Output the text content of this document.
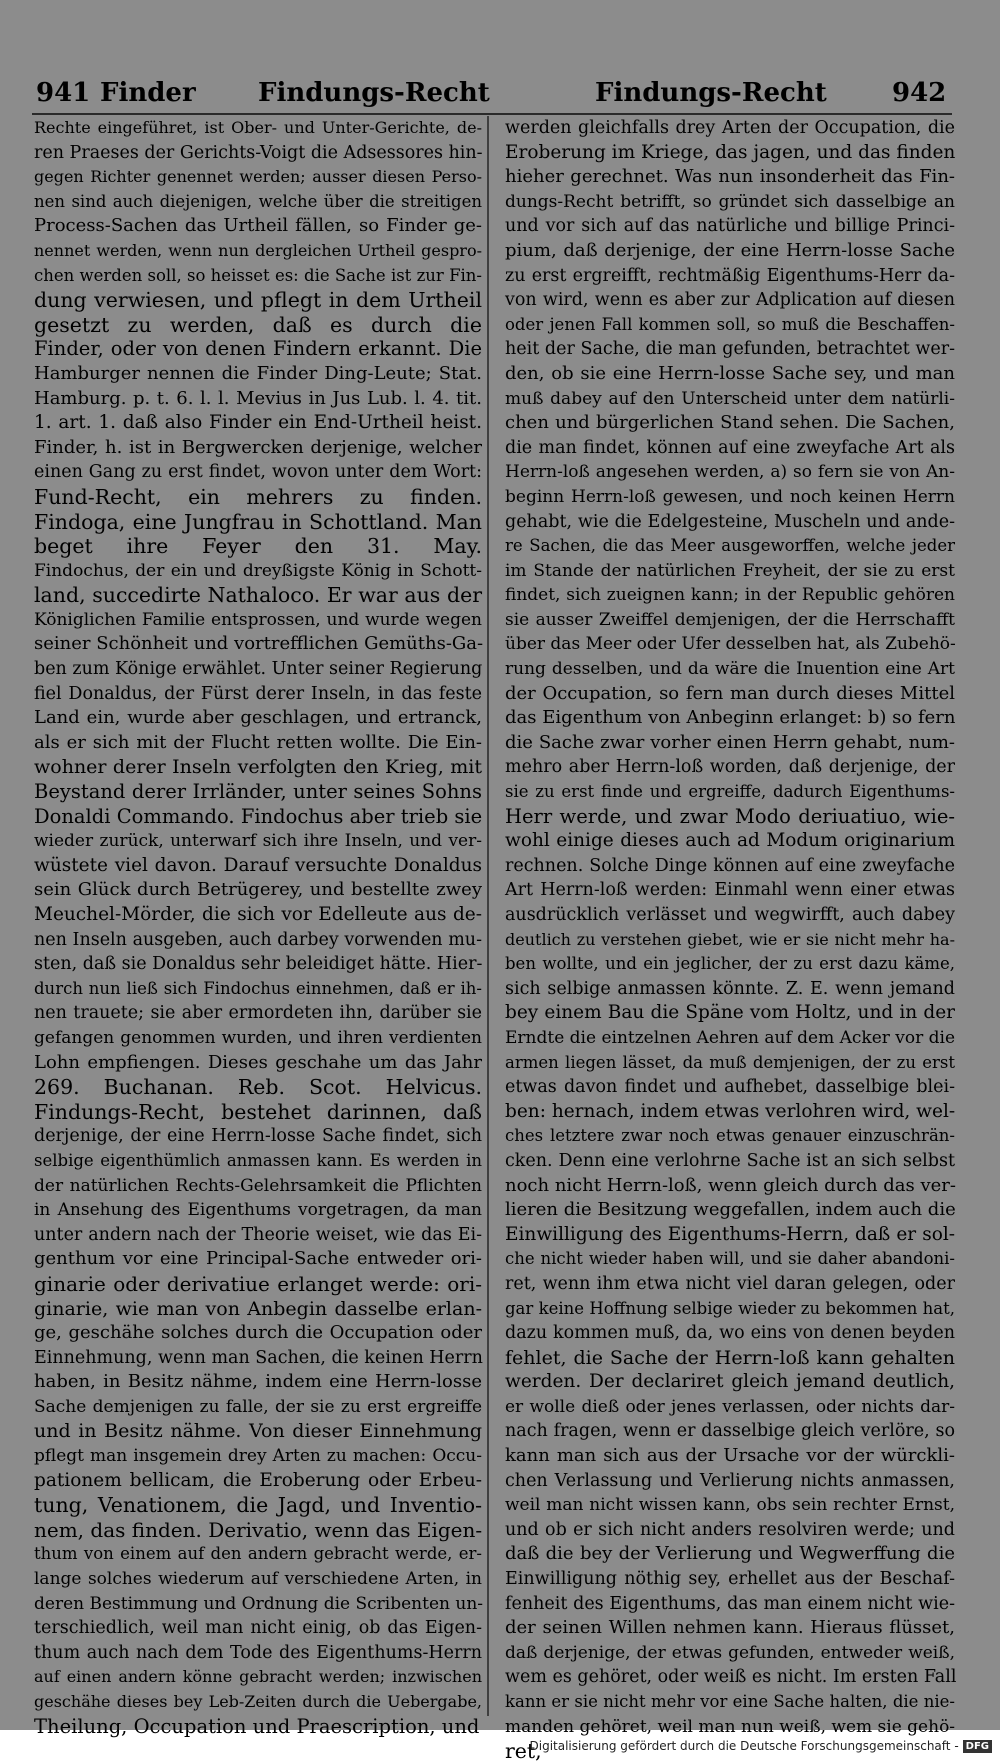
941 Finder Findungs-Recht	Findungs-Recht	942
Rechte eingeführet, ist Ober- und Unter-Gerichte, de-
ren Praeses der Gerichts-Voigt die Adsessores hin-
gegen Richter genennet werden; ausser diesen Perso-
nen sind auch diejenigen, welche über die streitigen
Process-Sachen das Urtheil fällen, so Finder ge-
nennet werden, wenn nun dergleichen Urtheil gespro-
chen werden soll, so heisset es: die Sache ist zur Fin-
dung verwiesen, und pflegt in dem Urtheil
gesetzt zu werden, daß es durch die
Finder, oder von denen Findern erkannt. Die
Hamburger nennen die Finder Ding-Leute; Stat.
Hamburg. p. t. 6. l. l. Mevius in Jus Lub. l. 4. tit.
1. art. 1. daß also Finder ein End-Urtheil heist.
Finder, h. ist in Bergwercken derjenige, welcher
einen Gang zu erst findet, wovon unter dem Wort:
Fund-Recht, ein mehrers zu finden.
Findoga, eine Jungfrau in Schottland. Man
beget ihre Feyer den 31. May.
Findochus, der ein und dreyßigste König in Schott-
land, succedirte Nathaloco. Er war aus der
Königlichen Familie entsprossen, und wurde wegen
seiner Schönheit und vortrefflichen Gemüths-Ga-
ben zum Könige erwählet. Unter seiner Regierung
fiel Donaldus, der Fürst derer Inseln, in das feste
Land ein, wurde aber geschlagen, und ertranck,
als er sich mit der Flucht retten wollte. Die Ein-
wohner derer Inseln verfolgten den Krieg, mit
Beystand derer Irrländer, unter seines Sohns
Donaldi Commando. Findochus aber trieb sie
wieder zurück, unterwarf sich ihre Inseln, und ver-
wüstete viel davon. Darauf versuchte Donaldus
sein Glück durch Betrügerey, und bestellte zwey
Meuchel-Mörder, die sich vor Edelleute aus de-
nen Inseln ausgeben, auch darbey vorwenden mu-
sten, daß sie Donaldus sehr beleidiget hätte. Hier-
durch nun ließ sich Findochus einnehmen, daß er ih-
nen trauete; sie aber ermordeten ihn, darüber sie
gefangen genommen wurden, und ihren verdienten
Lohn empfiengen. Dieses geschahe um das Jahr
269. Buchanan. Reb. Scot. Helvicus.
Findungs-Recht, bestehet darinnen, daß
derjenige, der eine Herrn-losse Sache findet, sich
selbige eigenthümlich anmassen kann. Es werden in
der natürlichen Rechts-Gelehrsamkeit die Pflichten
in Ansehung des Eigenthums vorgetragen, da man
unter andern nach der Theorie weiset, wie das Ei-
genthum vor eine Principal-Sache entweder ori-
ginarie oder derivatiue erlanget werde: ori-
ginarie, wie man von Anbegin dasselbe erlan-
ge, geschähe solches durch die Occupation oder
Einnehmung, wenn man Sachen, die keinen Herrn
haben, in Besitz nähme, indem eine Herrn-losse
Sache demjenigen zu falle, der sie zu erst ergreiffe
und in Besitz nähme. Von dieser Einnehmung
pflegt man insgemein drey Arten zu machen: Occu-
pationem bellicam, die Eroberung oder Erbeu-
tung, Venationem, die Jagd, und Inventio-
nem, das finden. Derivatio, wenn das Eigen-
thum von einem auf den andern gebracht werde, er-
lange solches wiederum auf verschiedene Arten, in
deren Bestimmung und Ordnung die Scribenten un-
terschiedlich, weil man nicht einig, ob das Eigen-
thum auch nach dem Tode des Eigenthums-Herrn
auf einen andern könne gebracht werden; inzwischen
geschähe dieses bey Leb-Zeiten durch die Uebergabe,
Theilung, Occupation und Praescription, und
werden gleichfalls drey Arten der Occupation, die
Eroberung im Kriege, das jagen, und das finden
hieher gerechnet. Was nun insonderheit das Fin-
dungs-Recht betrifft, so gründet sich dasselbige an
und vor sich auf das natürliche und billige Princi-
pium, daß derjenige, der eine Herrn-losse Sache
zu erst ergreifft, rechtmäßig Eigenthums-Herr da-
von wird, wenn es aber zur Adplication auf diesen
oder jenen Fall kommen soll, so muß die Beschaffen-
heit der Sache, die man gefunden, betrachtet wer-
den, ob sie eine Herrn-losse Sache sey, und man
muß dabey auf den Unterscheid unter dem natürli-
chen und bürgerlichen Stand sehen. Die Sachen,
die man findet, können auf eine zweyfache Art als
Herrn-loß angesehen werden, a) so fern sie von An-
beginn Herrn-loß gewesen, und noch keinen Herrn
gehabt, wie die Edelgesteine, Muscheln und ande-
re Sachen, die das Meer ausgeworffen, welche jeder
im Stande der natürlichen Freyheit, der sie zu erst
findet, sich zueignen kann; in der Republic gehören
sie ausser Zweiffel demjenigen, der die Herrschafft
über das Meer oder Ufer desselben hat, als Zubehö-
rung desselben, und da wäre die Inuention eine Art
der Occupation, so fern man durch dieses Mittel
das Eigenthum von Anbeginn erlanget: b) so fern
die Sache zwar vorher einen Herrn gehabt, num-
mehro aber Herrn-loß worden, daß derjenige, der
sie zu erst finde und ergreiffe, dadurch Eigenthums-
Herr werde, und zwar Modo deriuatiuo, wie-
wohl einige dieses auch ad Modum originarium
rechnen. Solche Dinge können auf eine zweyfache
Art Herrn-loß werden: Einmahl wenn einer etwas
ausdrücklich verlässet und wegwirfft, auch dabey
deutlich zu verstehen giebet, wie er sie nicht mehr ha-
ben wollte, und ein jeglicher, der zu erst dazu käme,
sich selbige anmassen könnte. Z. E. wenn jemand
bey einem Bau die Späne vom Holtz, und in der
Erndte die eintzelnen Aehren auf dem Acker vor die
armen liegen lässet, da muß demjenigen, der zu erst
etwas davon findet und aufhebet, dasselbige blei-
ben: hernach, indem etwas verlohren wird, wel-
ches letztere zwar noch etwas genauer einzuschrän-
cken. Denn eine verlohrne Sache ist an sich selbst
noch nicht Herrn-loß, wenn gleich durch das ver-
lieren die Besitzung weggefallen, indem auch die
Einwilligung des Eigenthums-Herrn, daß er sol-
che nicht wieder haben will, und sie daher abandoni-
ret, wenn ihm etwa nicht viel daran gelegen, oder
gar keine Hoffnung selbige wieder zu bekommen hat,
dazu kommen muß, da, wo eins von denen beyden
fehlet, die Sache der Herrn-loß kann gehalten
werden. Der declariret gleich jemand deutlich,
er wolle dieß oder jenes verlassen, oder nichts dar-
nach fragen, wenn er dasselbige gleich verlöre, so
kann man sich aus der Ursache vor der würckli-
chen Verlassung und Verlierung nichts anmassen,
weil man nicht wissen kann, obs sein rechter Ernst,
und ob er sich nicht anders resolviren werde; und
daß die bey der Verlierung und Wegwerffung die
Einwilligung nöthig sey, erhellet aus der Beschaf-
fenheit des Eigenthums, das man einem nicht wie-
der seinen Willen nehmen kann. Hieraus flüsset,
daß derjenige, der etwas gefunden, entweder weiß,
wem es gehöret, oder weiß es nicht. Im ersten Fall
kann er sie nicht mehr vor eine Sache halten, die nie-
manden gehöret, weil man nun weiß, wem sie gehö-
ret,
Digitalisierung gefördert durch die Deutsche Forschungsgemeinschaft - DFG
